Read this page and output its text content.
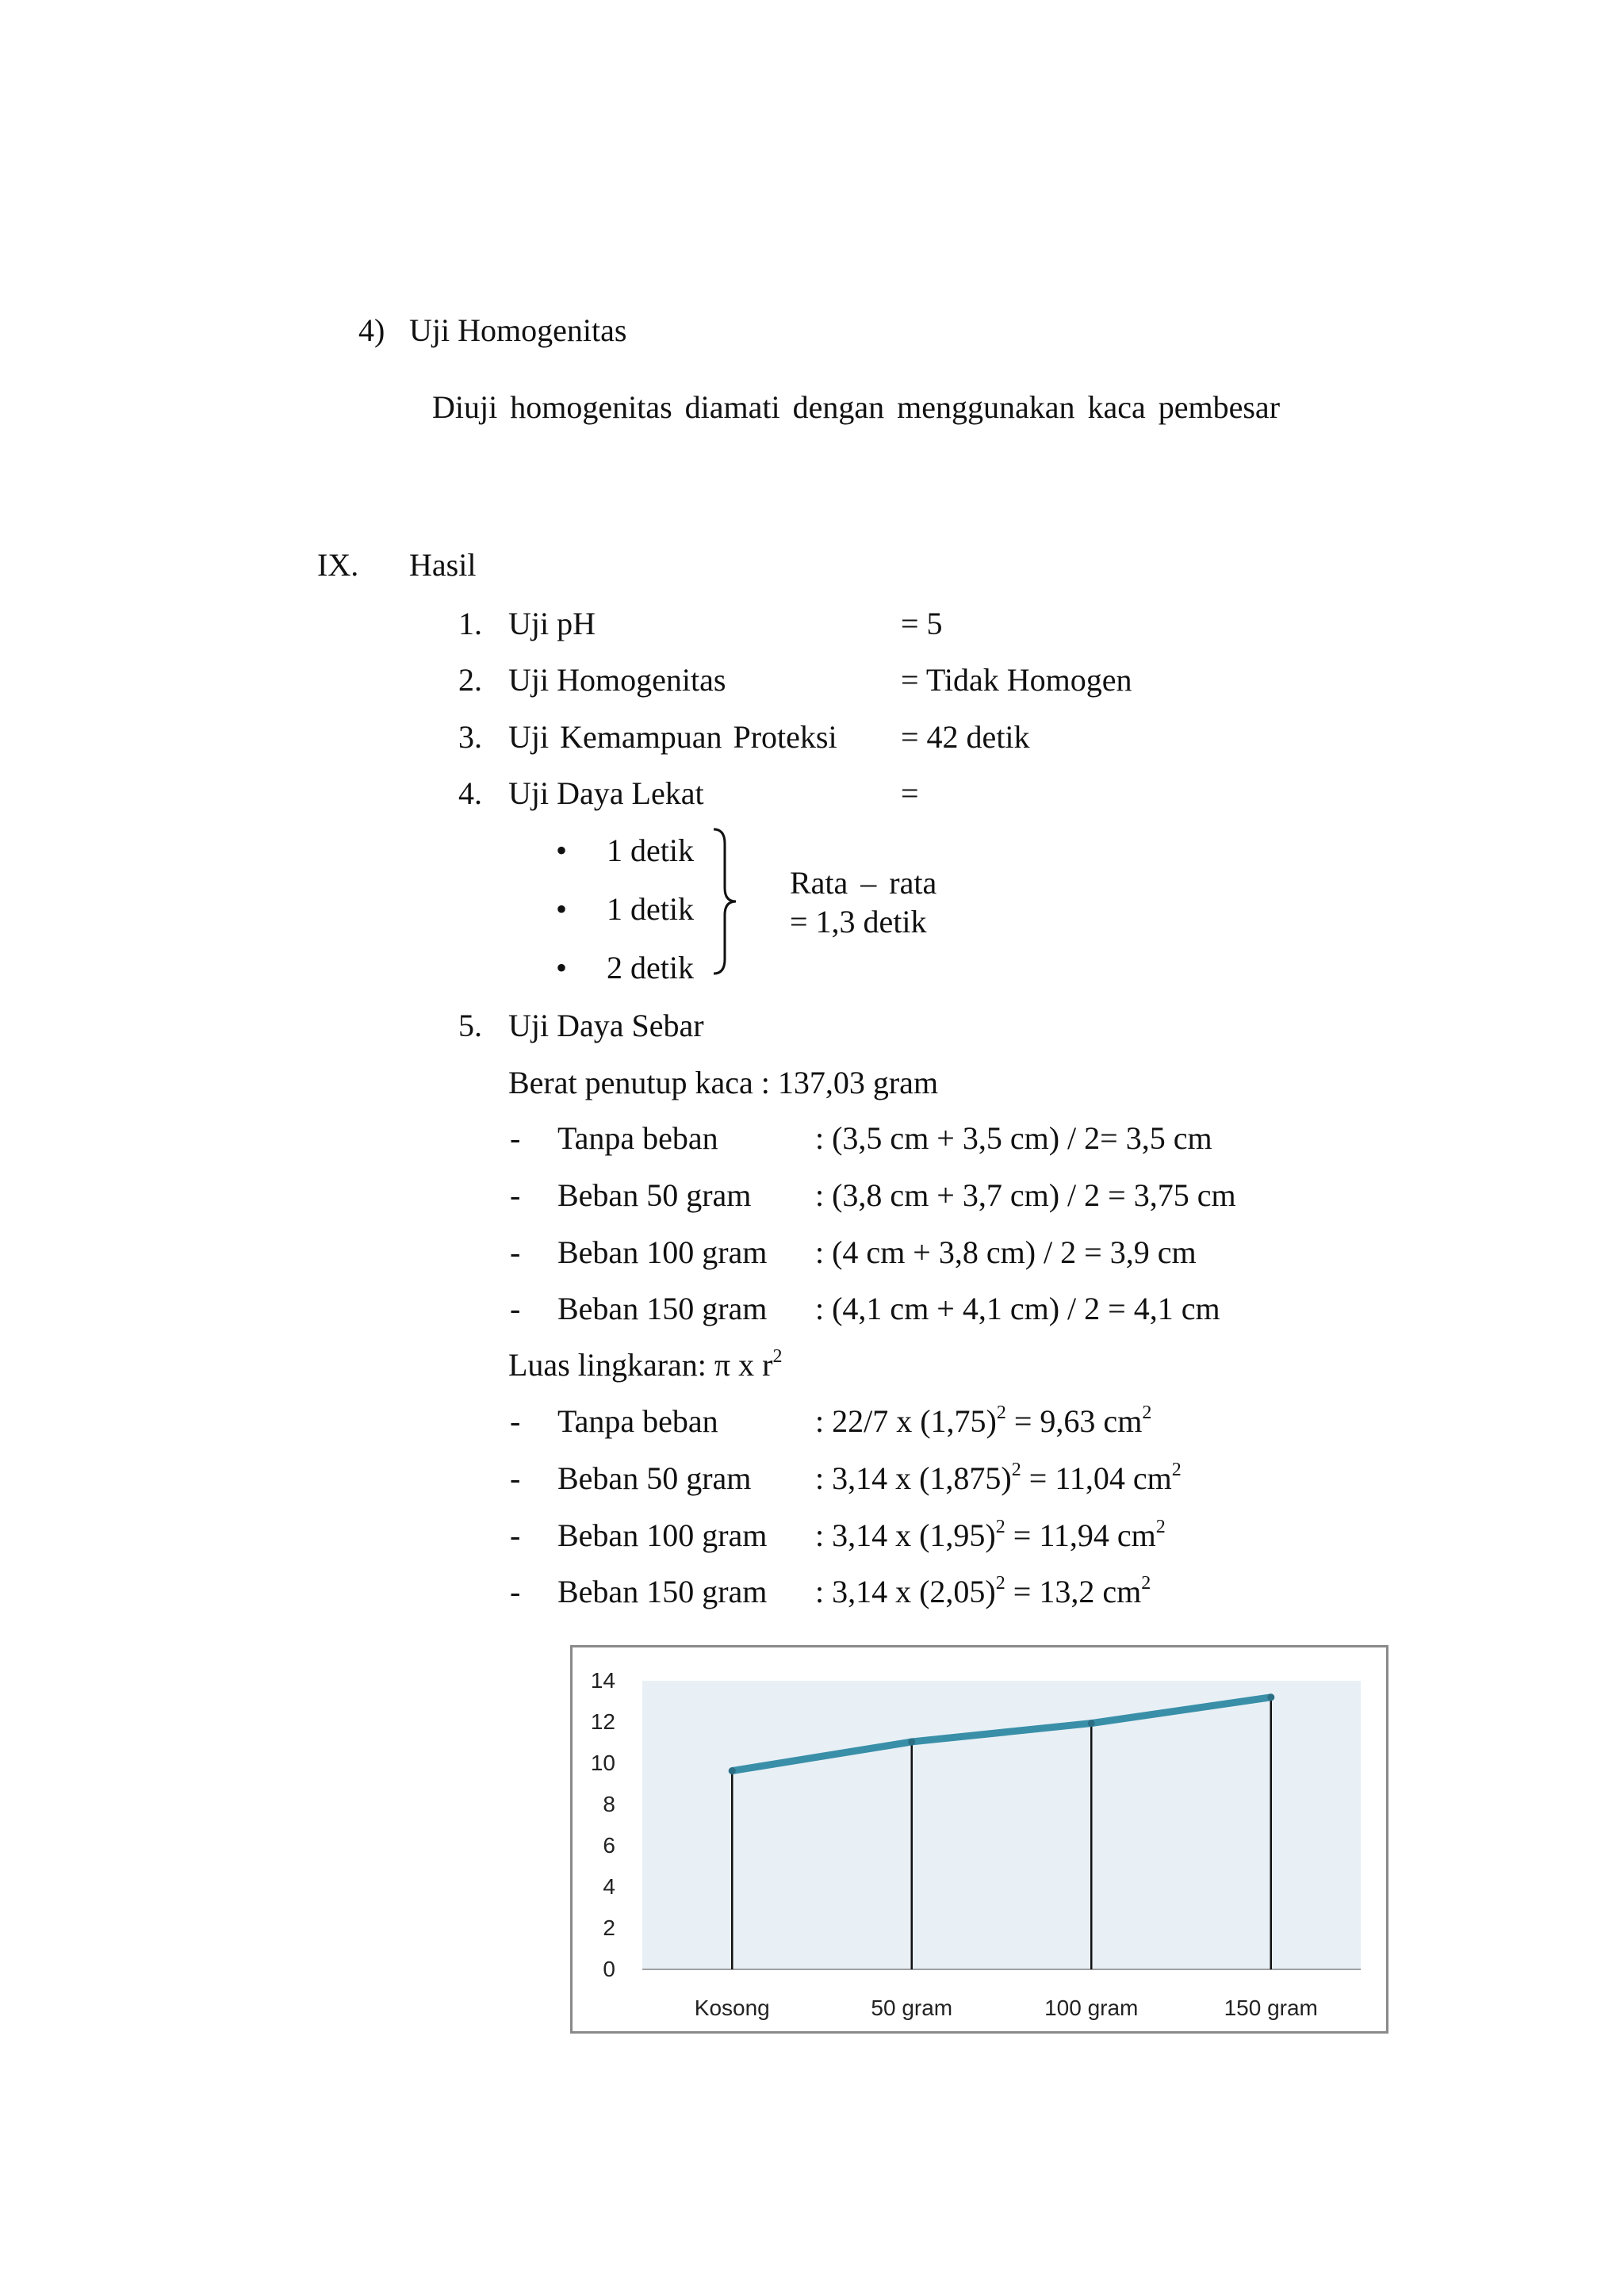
4) Uji Homogenitas
Diuji homogenitas diamati dengan menggunakan kaca pembesar
IX. Hasil
1. Uji pH	= 5
2. Uji Homogenitas	= Tidak Homogen
3. Uji Kemampuan Proteksi = 42 detik
4. Uji Daya Lekat	=
• 1 detik
• 1 detik
• 2 detik
Rata – rata
= 1,3 detik
5. Uji Daya Sebar
Berat penutup kaca : 137,03 gram
- Tanpa beban	: (3,5 cm + 3,5 cm) / 2= 3,5 cm
- Beban 50 gram : (3,8 cm + 3,7 cm) / 2 = 3,75 cm
- Beban 100 gram : (4 cm + 3,8 cm) / 2 = 3,9 cm
- Beban 150 gram : (4,1 cm + 4,1 cm) / 2 = 4,1 cm
Luas lingkaran: π x $r^2$
- Tanpa beban	: 22/7 x $(1,75)^2 = 9,63$ $cm^2$
- Beban 50 gram : 3,14 x $(1,875)^2 = 11,04$ $cm^2$
- Beban 100 gram : 3,14 x $(1,95)^2 = 11,94$ $cm^2$
- Beban 150 gram : 3,14 x $(2,05)^2 = 13,2$ $cm^2$
0
2
4
6
8
10
12
14
Kosong	50 gram	100 gram	150 gram
